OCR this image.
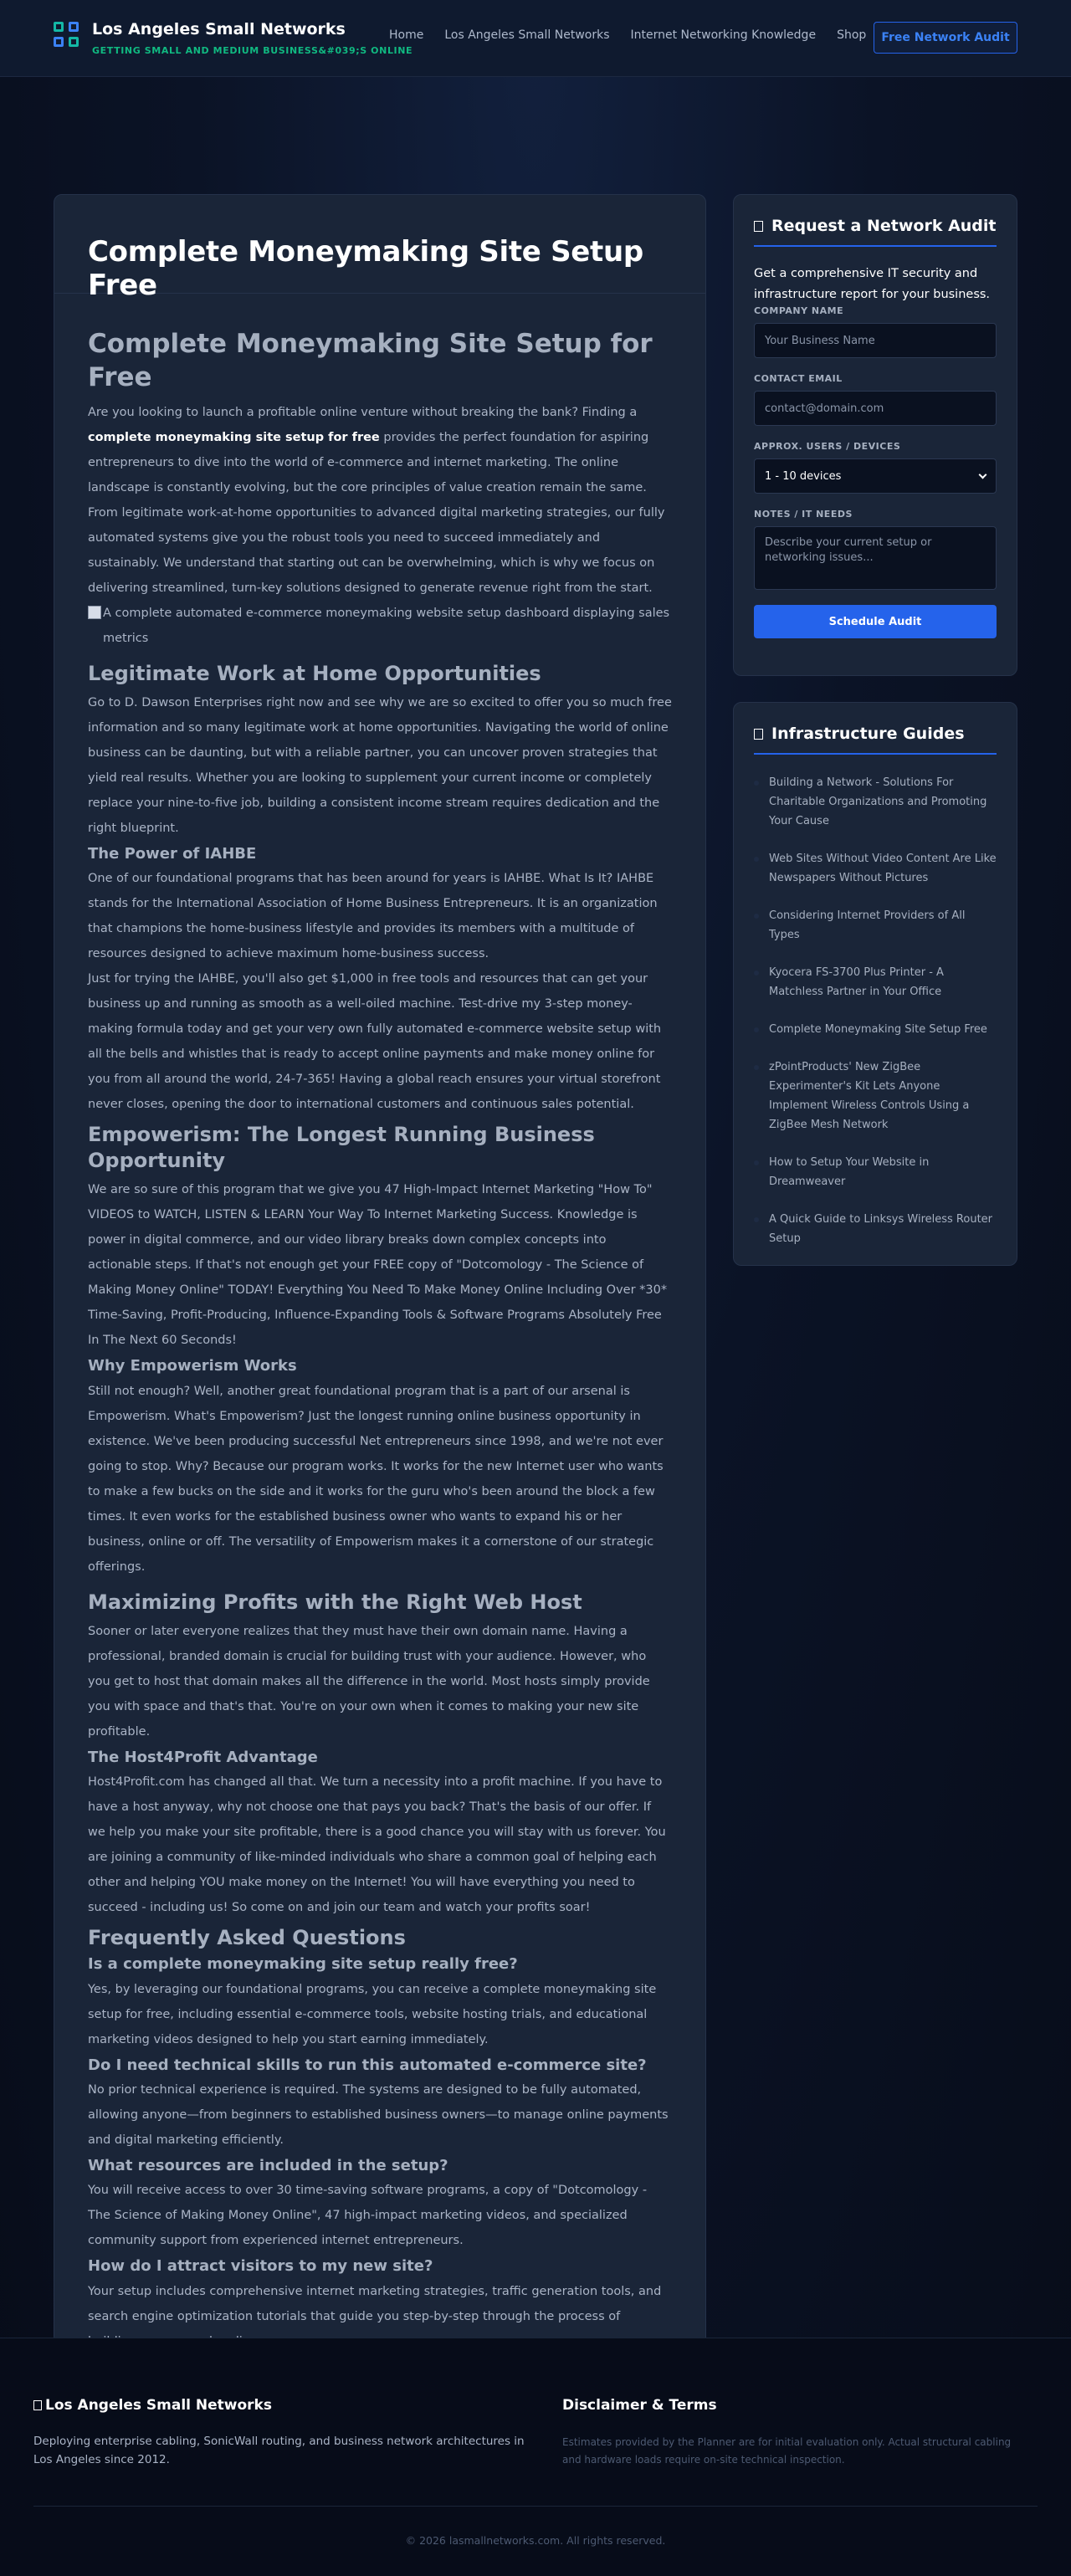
Los Angeles Small Networks
GETTING SMALL AND MEDIUM BUSINESS&#039;S ONLINE
Home Los Angeles Small Networks Internet Networking Knowledge Shop	Free Network Audit
Complete Moneymaking Site Setup Free
Complete Moneymaking Site Setup for Free

Are you looking to launch a profitable online venture without breaking the bank? Finding a complete moneymaking site setup for free provides the perfect foundation for aspiring entrepreneurs to dive into the world of e-commerce and internet marketing. The online landscape is constantly evolving, but the core principles of value creation remain the same. From legitimate work-at-home opportunities to advanced digital marketing strategies, our fully automated systems give you the robust tools you need to succeed immediately and sustainably. We understand that starting out can be overwhelming, which is why we focus on delivering streamlined, turn-key solutions designed to generate revenue right from the start.

A complete automated e-commerce moneymaking website setup dashboard displaying sales metrics
Legitimate Work at Home Opportunities

Go to D. Dawson Enterprises right now and see why we are so excited to offer you so much free information and so many legitimate work at home opportunities. Navigating the world of online business can be daunting, but with a reliable partner, you can uncover proven strategies that yield real results. Whether you are looking to supplement your current income or completely replace your nine-to-five job, building a consistent income stream requires dedication and the right blueprint.

The Power of IAHBE

One of our foundational programs that has been around for years is IAHBE. What Is It? IAHBE stands for the International Association of Home Business Entrepreneurs. It is an organization that champions the home-business lifestyle and provides its members with a multitude of resources designed to achieve maximum home-business success.

Just for trying the IAHBE, you'll also get $1,000 in free tools and resources that can get your business up and running as smooth as a well-oiled machine. Test-drive my 3-step money-making formula today and get your very own fully automated e-commerce website setup with all the bells and whistles that is ready to accept online payments and make money online for you from all around the world, 24-7-365! Having a global reach ensures your virtual storefront never closes, opening the door to international customers and continuous sales potential.

Empowerism: The Longest Running Business Opportunity

We are so sure of this program that we give you 47 High-Impact Internet Marketing "How To" VIDEOS to WATCH, LISTEN & LEARN Your Way To Internet Marketing Success. Knowledge is power in digital commerce, and our video library breaks down complex concepts into actionable steps. If that's not enough get your FREE copy of "Dotcomology - The Science of Making Money Online" TODAY! Everything You Need To Make Money Online Including Over *30* Time-Saving, Profit-Producing, Influence-Expanding Tools & Software Programs Absolutely Free In The Next 60 Seconds!

Why Empowerism Works

Still not enough? Well, another great foundational program that is a part of our arsenal is Empowerism. What's Empowerism? Just the longest running online business opportunity in existence. We've been producing successful Net entrepreneurs since 1998, and we're not ever going to stop. Why? Because our program works. It works for the new Internet user who wants to make a few bucks on the side and it works for the guru who's been around the block a few times. It even works for the established business owner who wants to expand his or her business, online or off. The versatility of Empowerism makes it a cornerstone of our strategic offerings.

Maximizing Profits with the Right Web Host

Sooner or later everyone realizes that they must have their own domain name. Having a professional, branded domain is crucial for building trust with your audience. However, who you get to host that domain makes all the difference in the world. Most hosts simply provide you with space and that's that. You're on your own when it comes to making your new site profitable.

The Host4Profit Advantage

Host4Profit.com has changed all that. We turn a necessity into a profit machine. If you have to have a host anyway, why not choose one that pays you back? That's the basis of our offer. If we help you make your site profitable, there is a good chance you will stay with us forever. You are joining a community of like-minded individuals who share a common goal of helping each other and helping YOU make money on the Internet! You will have everything you need to succeed - including us! So come on and join our team and watch your profits soar!

Frequently Asked Questions
Is a complete moneymaking site setup really free?

Yes, by leveraging our foundational programs, you can receive a complete moneymaking site setup for free, including essential e-commerce tools, website hosting trials, and educational marketing videos designed to help you start earning immediately.

Do I need technical skills to run this automated e-commerce site?

No prior technical experience is required. The systems are designed to be fully automated, allowing anyone—from beginners to established business owners—to manage online payments and digital marketing efficiently.

What resources are included in the setup?

You will receive access to over 30 time-saving software programs, a copy of "Dotcomology - The Science of Making Money Online", 47 high-impact marketing videos, and specialized community support from experienced internet entrepreneurs.

How do I attract visitors to my new site?

Your setup includes comprehensive internet marketing strategies, traffic generation tools, and search engine optimization tutorials that guide you step-by-step through the process of

Request a Network Audit

Get a comprehensive IT security and infrastructure report for your business.

COMPANY NAME
Your Business Name
CONTACT EMAIL
contact@domain.com
APPROX. USERS / DEVICES
1 - 10 devices
NOTES / IT NEEDS
Describe your current setup or networking issues...
Schedule Audit
Infrastructure Guides
Building a Network - Solutions For Charitable Organizations and Promoting Your Cause
Web Sites Without Video Content Are Like Newspapers Without Pictures
Considering Internet Providers of All Types
Kyocera FS-3700 Plus Printer - A Matchless Partner in Your Office
Complete Moneymaking Site Setup Free
zPointProducts' New ZigBee Experimenter's Kit Lets Anyone Implement Wireless Controls Using a ZigBee Mesh Network
How to Setup Your Website in Dreamweaver
A Quick Guide to Linksys Wireless Router Setup
Los Angeles Small Networks

Deploying enterprise cabling, SonicWall routing, and business network architectures in Los Angeles since 2012.

Disclaimer & Terms

Estimates provided by the Planner are for initial evaluation only. Actual structural cabling and hardware loads require on-site technical inspection.

© 2026 lasmallnetworks.com. All rights reserved.
